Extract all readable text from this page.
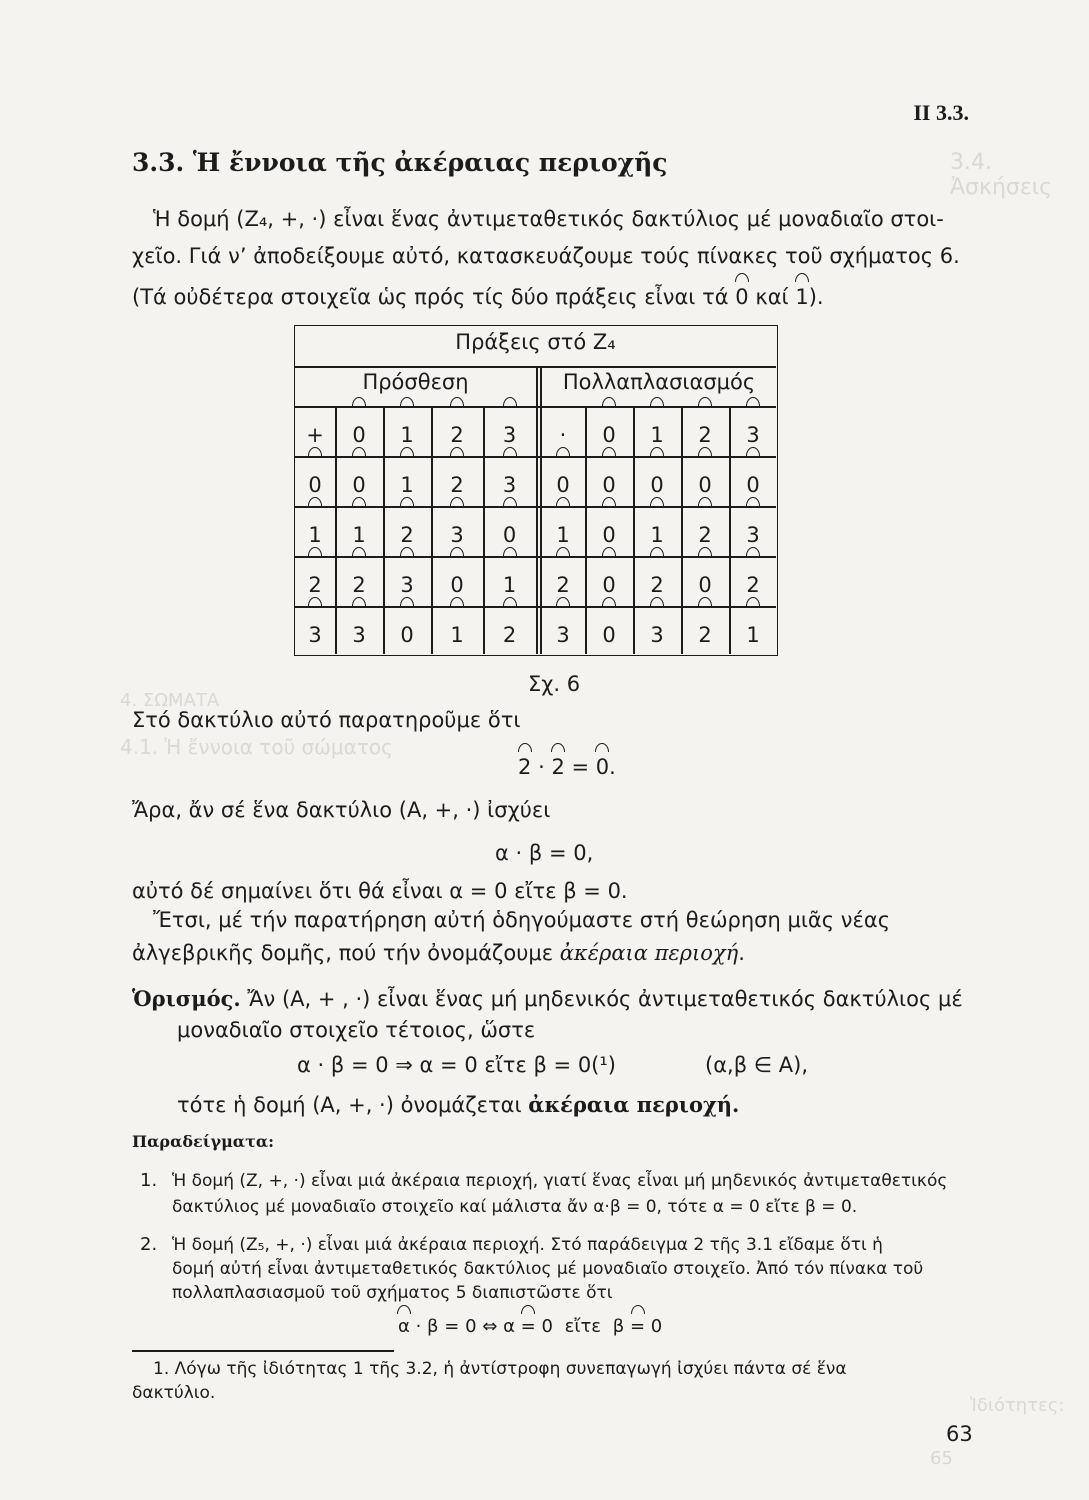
3.4. Ἀσκήσεις
4. ΣΩΜΑΤΑ
4.1. Ἡ ἔννοια τοῦ σώματος
Ἰδιότητες:
65
II 3.3.
3.3. Ἡ ἔννοια τῆς ἀκέραιας περιοχῆς
Ἡ δομή (Z₄, +, ·) εἶναι ἕνας ἀντιμεταθετικός δακτύλιος μέ μοναδιαῖο στοι-
χεῖο. Γιά ν’ ἀποδείξουμε αὐτό, κατασκευάζουμε τούς πίνακες τοῦ σχήματος 6.
(Τά οὐδέτερα στοιχεῖα ὡς πρός τίς δύο πράξεις εἶναι τά 0 καί 1).
Πράξεις στό Z₄
Πρόσθεση	Πολλαπλασιασμός
+	0	1	2	3	·	0	1	2	3
0	0	1	2	3	0	0	0	0	0
1	1	2	3	0	1	0	1	2	3
2	2	3	0	1	2	0	2	0	2
3	3	0	1	2	3	0	3	2	1
Σχ. 6
Στό δακτύλιο αὐτό παρατηροῦμε ὅτι
2 · 2 = 0.
Ἄρα, ἄν σέ ἕνα δακτύλιο (A, +, ·) ἰσχύει
α · β = 0,
αὐτό δέ σημαίνει ὅτι θά εἶναι α = 0 εἴτε β = 0.
Ἔτσι, μέ τήν παρατήρηση αὐτή ὁδηγούμαστε στή θεώρηση μιᾶς νέας
ἀλγεβρικῆς δομῆς, πού τήν ὀνομάζουμε ἀκέραια περιοχή.
Ὁρισμός. Ἄν (A, + , ·) εἶναι ἕνας μή μηδενικός ἀντιμεταθετικός δακτύλιος μέ
μοναδιαῖο στοιχεῖο τέτοιος, ὥστε
α · β = 0 ⇒ α = 0 εἴτε β = 0(¹)	(α,β ∈ A),
τότε ἡ δομή (A, +, ·) ὀνομάζεται ἀκέραια περιοχή.
Παραδείγματα:
1. Ἡ δομή (Z, +, ·) εἶναι μιά ἀκέραια περιοχή, γιατί ἕνας εἶναι μή μηδενικός ἀντιμεταθετικός
δακτύλιος μέ μοναδιαῖο στοιχεῖο καί μάλιστα ἄν α·β = 0, τότε α = 0 εἴτε β = 0.
2. Ἡ δομή (Z₅, +, ·) εἶναι μιά ἀκέραια περιοχή. Στό παράδειγμα 2 τῆς 3.1 εἴδαμε ὅτι ἡ
δομή αὐτή εἶναι ἀντιμεταθετικός δακτύλιος μέ μοναδιαῖο στοιχεῖο. Ἀπό τόν πίνακα τοῦ
πολλαπλασιασμοῦ τοῦ σχήματος 5 διαπιστῶστε ὅτι
α · β = 0 ⇔ α = 0 εἴτε β = 0
1. Λόγω τῆς ἰδιότητας 1 τῆς 3.2, ἡ ἀντίστροφη συνεπαγωγή ἰσχύει πάντα σέ ἕνα
δακτύλιο.
63
